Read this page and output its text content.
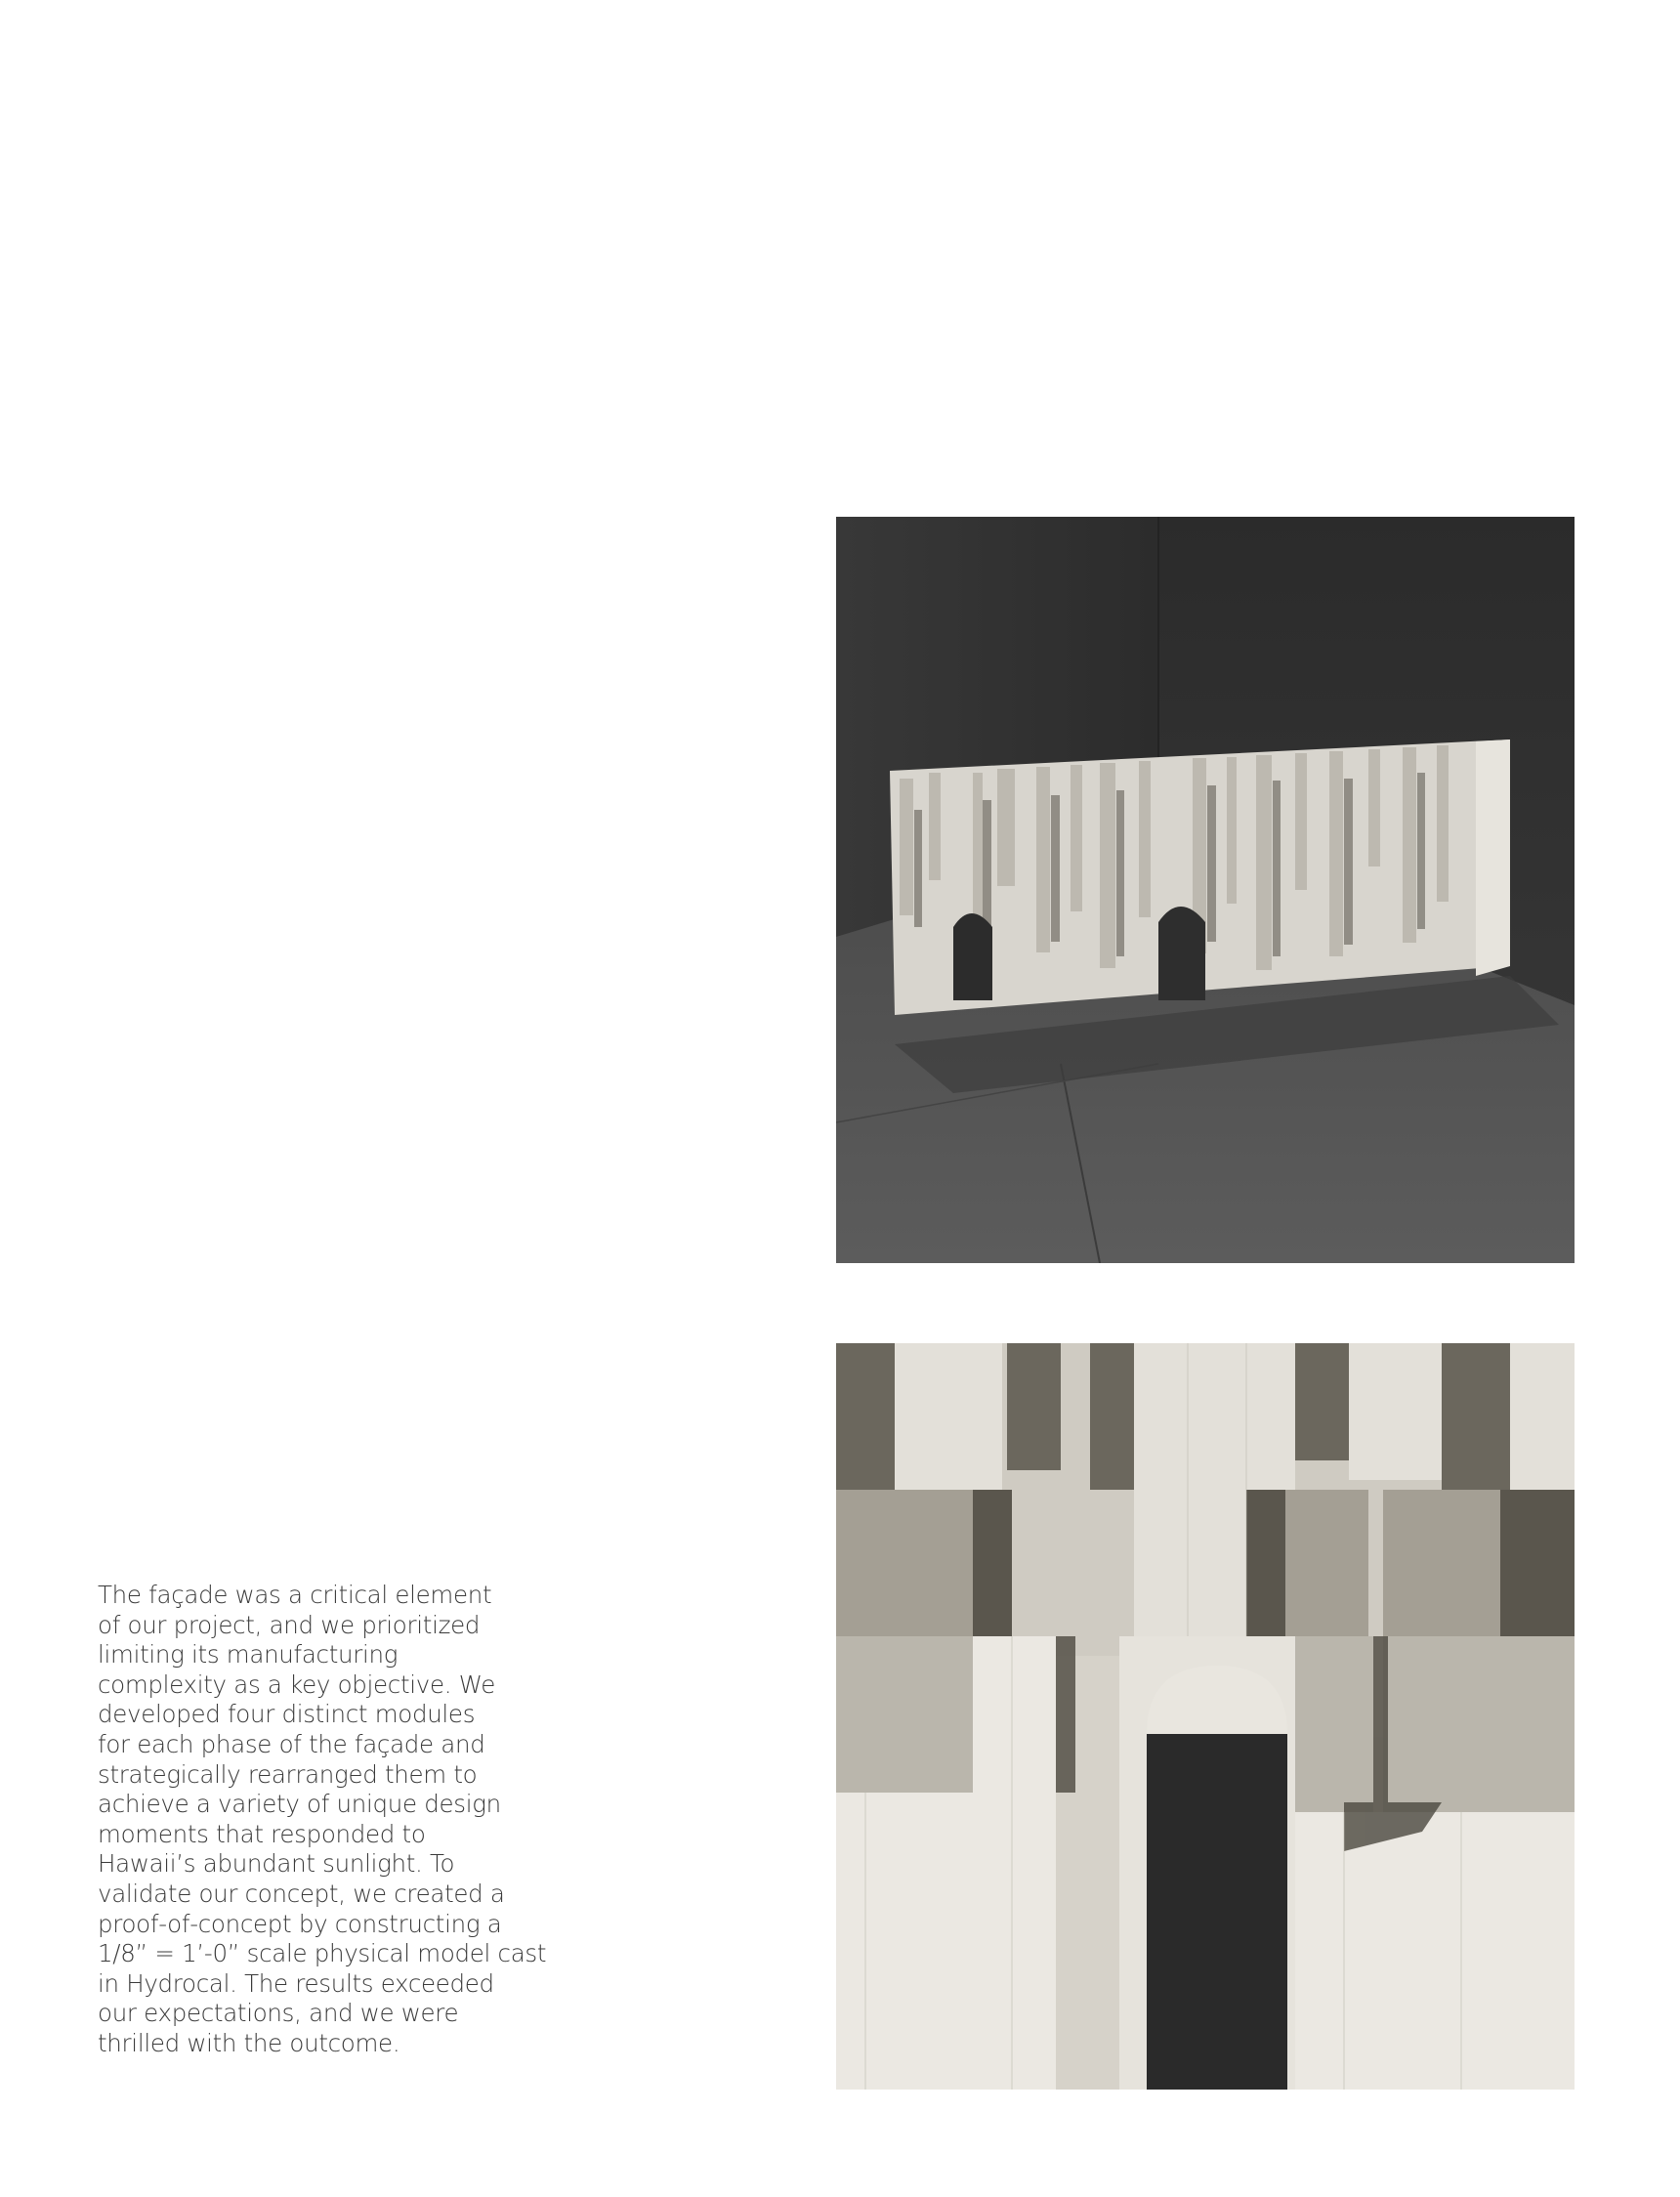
The façade was a critical element
of our project, and we prioritized
limiting its manufacturing
complexity as a key objective. We
developed four distinct modules
for each phase of the façade and
strategically rearranged them to
achieve a variety of unique design
moments that responded to
Hawaii’s abundant sunlight. To
validate our concept, we created a
proof-of-concept by constructing a
1/8” = 1’-0” scale physical model cast
in Hydrocal. The results exceeded
our expectations, and we were
thrilled with the outcome.
